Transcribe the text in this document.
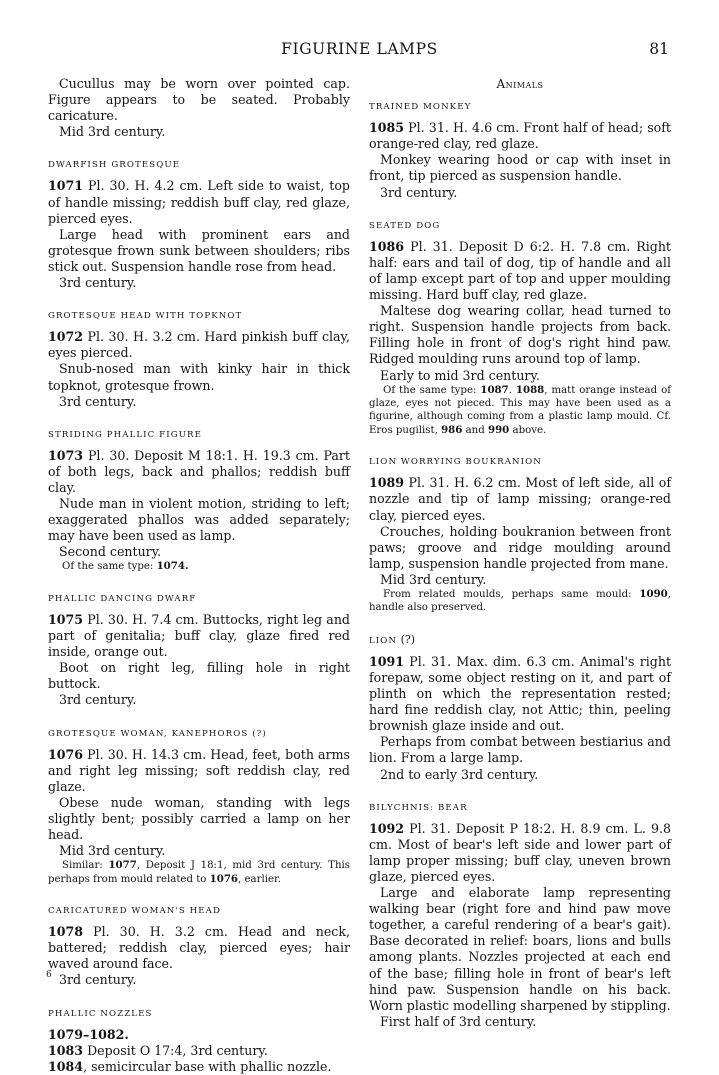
FIGURINE LAMPS	81

Cucullus may be worn over pointed cap. Figure appears to be seated. Probably caricature.

Mid 3rd century.

DWARFISH GROTESQUE

1071 Pl. 30. H. 4.2 cm. Left side to waist, top of handle missing; reddish buff clay, red glaze, pierced eyes.

Large head with prominent ears and grotesque frown sunk between shoulders; ribs stick out. Suspension handle rose from head.

3rd century.

GROTESQUE HEAD WITH TOPKNOT

1072 Pl. 30. H. 3.2 cm. Hard pinkish buff clay, eyes pierced.

Snub-nosed man with kinky hair in thick topknot, grotesque frown.

3rd century.

STRIDING PHALLIC FIGURE

1073 Pl. 30. Deposit M 18:1. H. 19.3 cm. Part of both legs, back and phallos; reddish buff clay.

Nude man in violent motion, striding to left; exaggerated phallos was added separately; may have been used as lamp.

Second century.

Of the same type: 1074.

PHALLIC DANCING DWARF

1075 Pl. 30. H. 7.4 cm. Buttocks, right leg and part of genitalia; buff clay, glaze fired red inside, orange out.

Boot on right leg, filling hole in right buttock.

3rd century.

GROTESQUE WOMAN, KANEPHOROS (?)

1076 Pl. 30. H. 14.3 cm. Head, feet, both arms and right leg missing; soft reddish clay, red glaze.

Obese nude woman, standing with legs slightly bent; possibly carried a lamp on her head.

Mid 3rd century.

Similar: 1077, Deposit J 18:1, mid 3rd century. This perhaps from mould related to 1076, earlier.

CARICATURED WOMAN'S HEAD

1078 Pl. 30. H. 3.2 cm. Head and neck, battered; reddish clay, pierced eyes; hair waved around face.

3rd century.

PHALLIC NOZZLES

1079–1082.

1083 Deposit O 17:4, 3rd century.

1084, semicircular base with phallic nozzle.

6
Animals
TRAINED MONKEY

1085 Pl. 31. H. 4.6 cm. Front half of head; soft orange-red clay, red glaze.

Monkey wearing hood or cap with inset in front, tip pierced as suspension handle.

3rd century.

SEATED DOG

1086 Pl. 31. Deposit D 6:2. H. 7.8 cm. Right half: ears and tail of dog, tip of handle and all of lamp except part of top and upper moulding missing. Hard buff clay, red glaze.

Maltese dog wearing collar, head turned to right. Suspension handle projects from back. Filling hole in front of dog's right hind paw. Ridged moulding runs around top of lamp.

Early to mid 3rd century.

Of the same type: 1087. 1088, matt orange instead of glaze, eyes not pieced. This may have been used as a figurine, although coming from a plastic lamp mould. Cf. Eros pugilist, 986 and 990 above.

LION WORRYING BOUKRANION

1089 Pl. 31. H. 6.2 cm. Most of left side, all of nozzle and tip of lamp missing; orange-red clay, pierced eyes.

Crouches, holding boukranion between front paws; groove and ridge moulding around lamp, suspension handle projected from mane.

Mid 3rd century.

From related moulds, perhaps same mould: 1090, handle also preserved.

LION (?)

1091 Pl. 31. Max. dim. 6.3 cm. Animal's right forepaw, some object resting on it, and part of plinth on which the representation rested; hard fine reddish clay, not Attic; thin, peeling brownish glaze inside and out.

Perhaps from combat between bestiarius and lion. From a large lamp.

2nd to early 3rd century.

BILYCHNIS: BEAR

1092 Pl. 31. Deposit P 18:2. H. 8.9 cm. L. 9.8 cm. Most of bear's left side and lower part of lamp proper missing; buff clay, uneven brown glaze, pierced eyes.

Large and elaborate lamp representing walking bear (right fore and hind paw move together, a careful rendering of a bear's gait). Base decorated in relief: boars, lions and bulls among plants. Nozzles projected at each end of the base; filling hole in front of bear's left hind paw. Suspension handle on his back. Worn plastic modelling sharpened by stippling.

First half of 3rd century.
